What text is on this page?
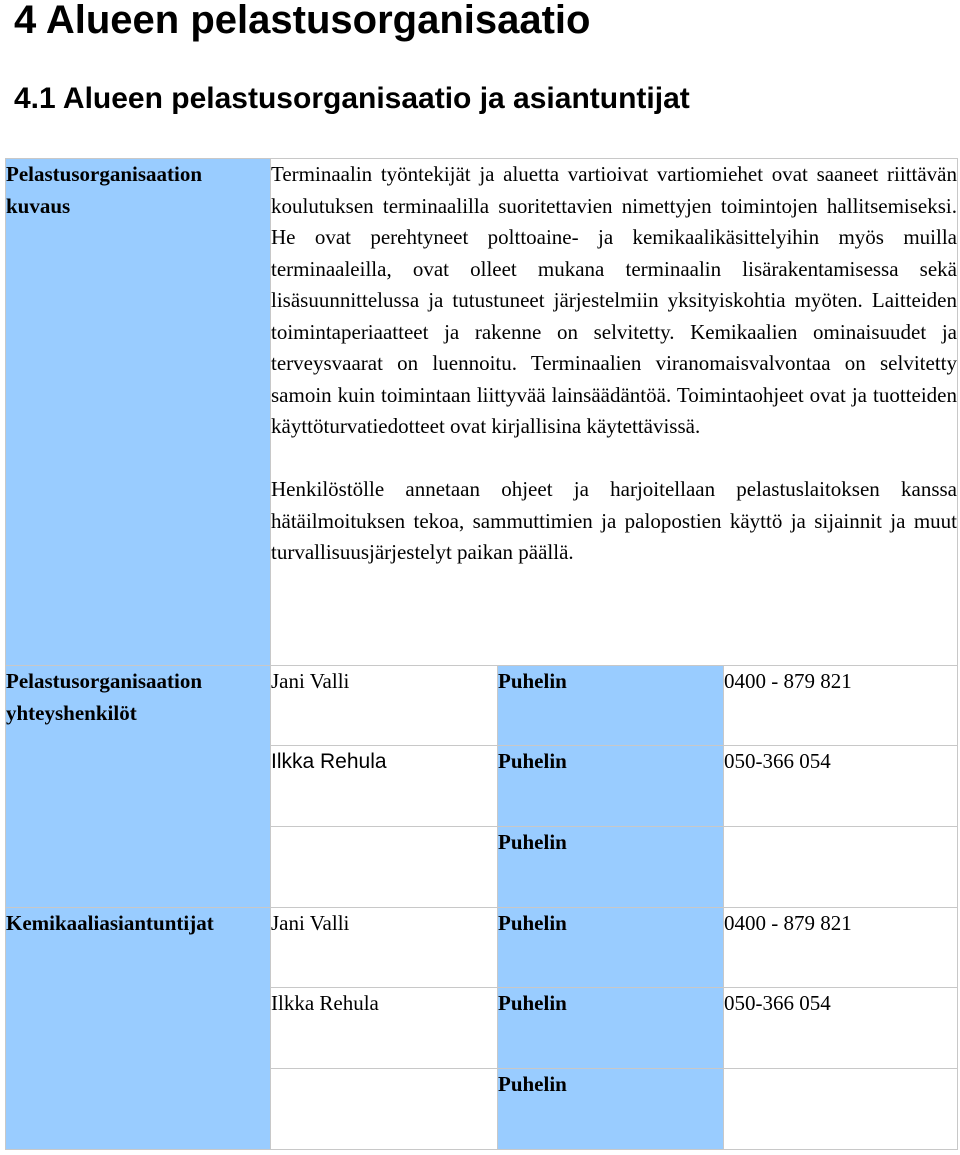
4 Alueen pelastusorganisaatio
4.1 Alueen pelastusorganisaatio ja asiantuntijat
Pelastusorganisaation kuvaus	Terminaalin työntekijät ja aluetta vartioivat vartiomiehet ovat saaneet riittävän koulutuksen terminaalilla suoritettavien nimettyjen toimintojen hallitsemiseksi. He ovat perehtyneet polttoaine- ja kemikaalikäsittelyihin myös muilla terminaaleilla, ovat olleet mukana terminaalin lisärakentamisessa sekä lisäsuunnittelussa ja tutustuneet järjestelmiin yksityiskohtia myöten. Laitteiden toimintaperiaatteet ja rakenne on selvitetty. Kemikaalien ominaisuudet ja terveysvaarat on luennoitu. Terminaalien viranomaisvalvontaa on selvitetty samoin kuin toimintaan liittyvää lainsäädäntöä. Toimintaohjeet ovat ja tuotteiden käyttöturvatiedotteet ovat kirjallisina käytettävissä.

Henkilöstölle annetaan ohjeet ja harjoitellaan pelastuslaitoksen kanssa hätäilmoituksen tekoa, sammuttimien ja palopostien käyttö ja sijainnit ja muut turvallisuusjärjestelyt paikan päällä.		

Pelastusorganisaation yhteyshenkilöt	Jani Valli	Puhelin	0400 - 879 821
	Ilkka Rehula	Puhelin	050-366 054
		Puhelin	
Kemikaaliasiantuntijat	Jani Valli	Puhelin	0400 - 879 821
	Ilkka Rehula	Puhelin	050-366 054
		Puhelin	
